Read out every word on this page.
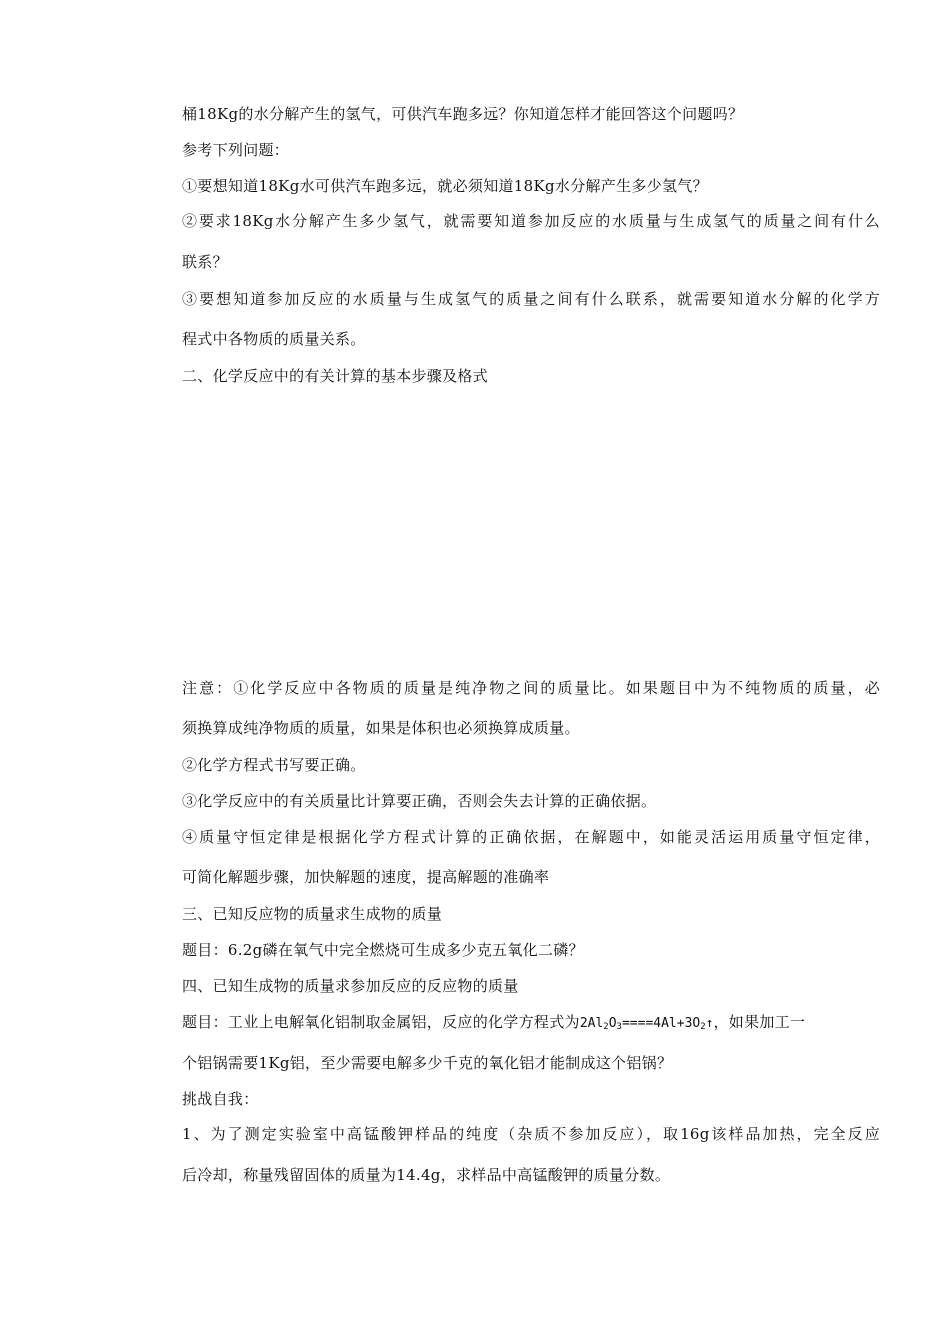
桶18Kg的水分解产生的氢气，可供汽车跑多远？你知道怎样才能回答这个问题吗？
参考下列问题：
①要想知道18Kg水可供汽车跑多远，就必须知道18Kg水分解产生多少氢气？
②要求18Kg水分解产生多少氢气，就需要知道参加反应的水质量与生成氢气的质量之间有什么
联系？
③要想知道参加反应的水质量与生成氢气的质量之间有什么联系，就需要知道水分解的化学方
程式中各物质的质量关系。
二、化学反应中的有关计算的基本步骤及格式
注意：①化学反应中各物质的质量是纯净物之间的质量比。如果题目中为不纯物质的质量，必
须换算成纯净物质的质量，如果是体积也必须换算成质量。
②化学方程式书写要正确。
③化学反应中的有关质量比计算要正确，否则会失去计算的正确依据。
④质量守恒定律是根据化学方程式计算的正确依据，在解题中，如能灵活运用质量守恒定律，
可简化解题步骤，加快解题的速度，提高解题的准确率
三、已知反应物的质量求生成物的质量
题目：6.2g磷在氧气中完全燃烧可生成多少克五氧化二磷？
四、已知生成物的质量求参加反应的反应物的质量
题目：工业上电解氧化铝制取金属铝，反应的化学方程式为$2Al_2O_3====4Al+3O_2↑$，如果加工一
个铝锅需要1Kg铝，至少需要电解多少千克的氧化铝才能制成这个铝锅？
挑战自我：
1、为了测定实验室中高锰酸钾样品的纯度（杂质不参加反应），取16g该样品加热，完全反应
后冷却，称量残留固体的质量为14.4g，求样品中高锰酸钾的质量分数。
